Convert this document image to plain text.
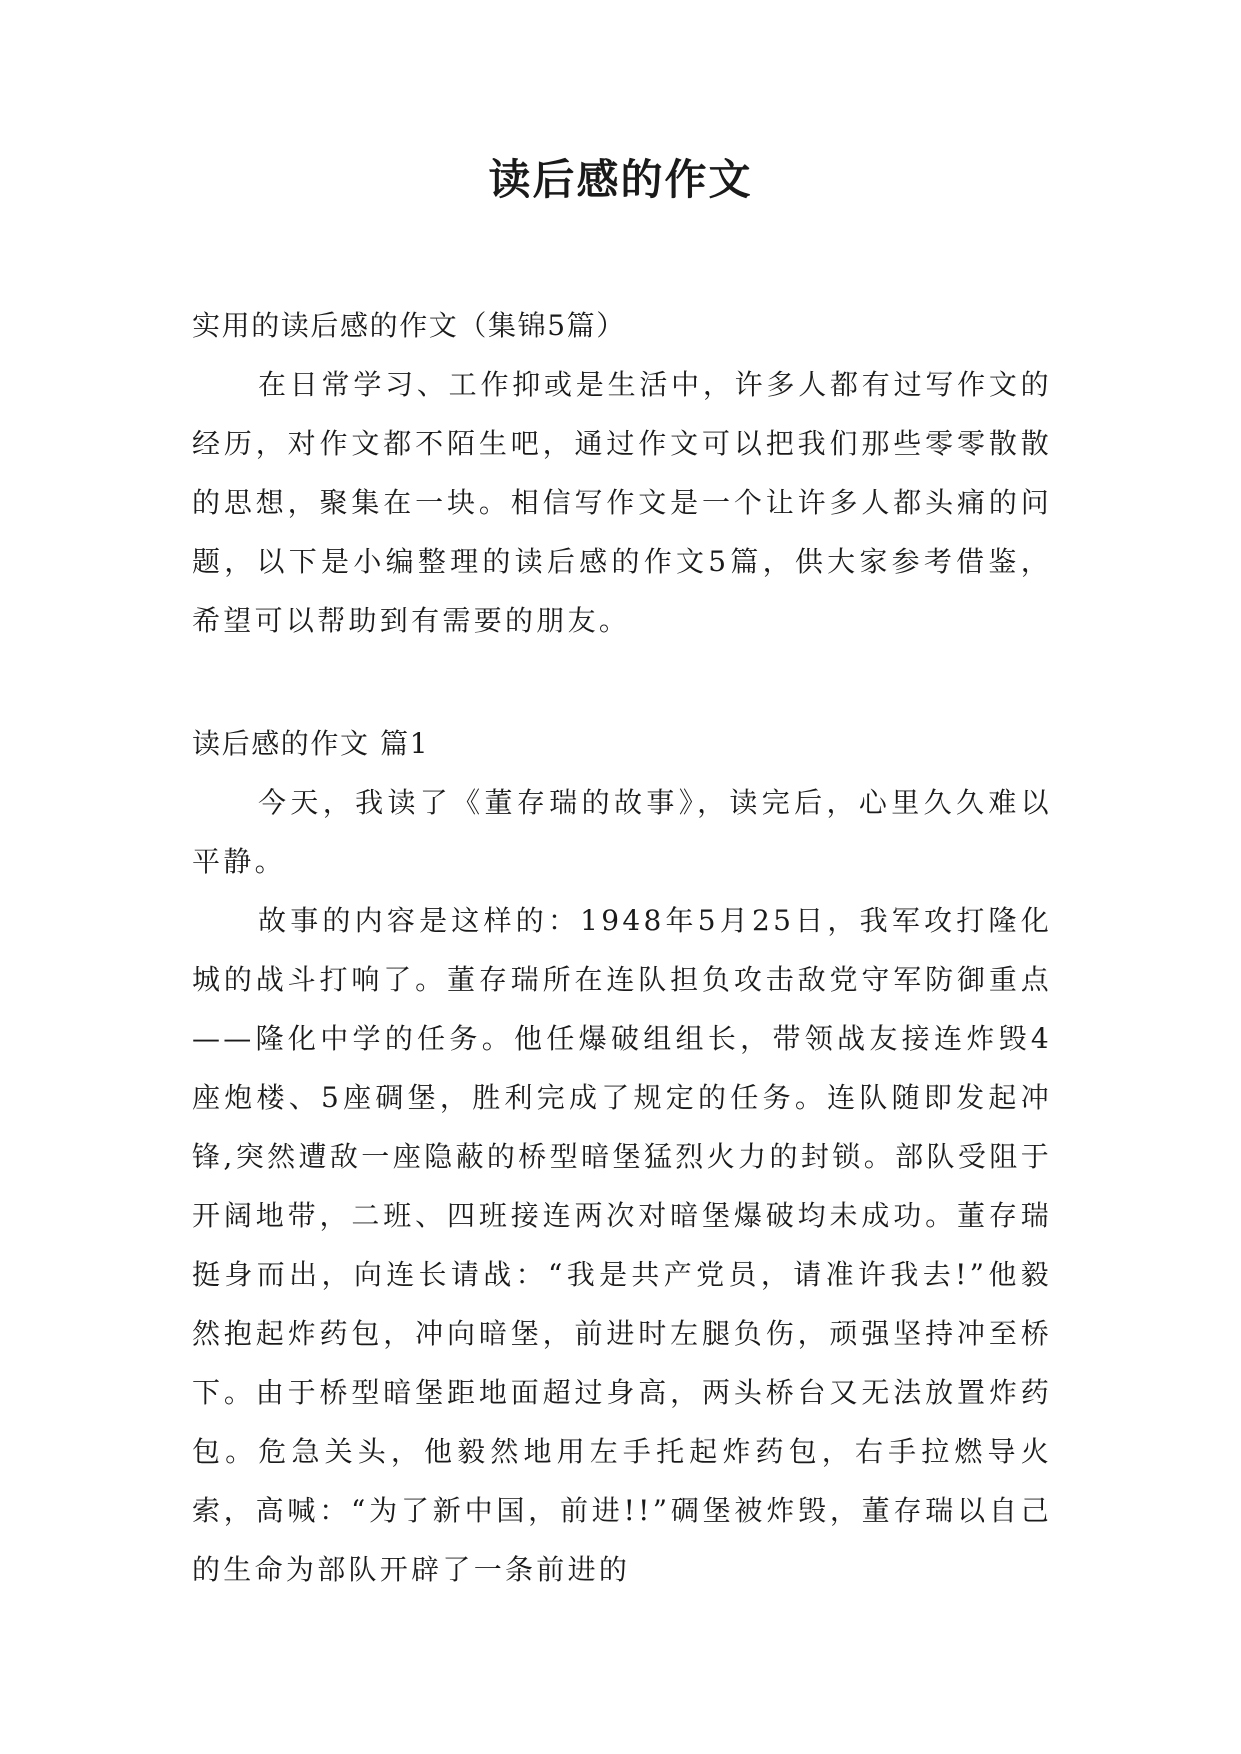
读后感的作文

实用的读后感的作文（集锦5篇）

在日常学习、工作抑或是生活中，许多人都有过写作文的经历，对作文都不陌生吧，通过作文可以把我们那些零零散散的思想，聚集在一块。相信写作文是一个让许多人都头痛的问题，以下是小编整理的读后感的作文5篇，供大家参考借鉴，希望可以帮助到有需要的朋友。

读后感的作文 篇1

今天，我读了《董存瑞的故事》，读完后，心里久久难以平静。

故事的内容是这样的：1948年5月25日，我军攻打隆化城的战斗打响了。董存瑞所在连队担负攻击敌党守军防御重点——隆化中学的任务。他任爆破组组长，带领战友接连炸毁4座炮楼、5座碉堡，胜利完成了规定的任务。连队随即发起冲锋,突然遭敌一座隐蔽的桥型暗堡猛烈火力的封锁。部队受阻于开阔地带，二班、四班接连两次对暗堡爆破均未成功。董存瑞挺身而出，向连长请战：“我是共产党员，请准许我去!”他毅然抱起炸药包，冲向暗堡，前进时左腿负伤，顽强坚持冲至桥下。由于桥型暗堡距地面超过身高，两头桥台又无法放置炸药包。危急关头，他毅然地用左手托起炸药包，右手拉燃导火索，高喊：“为了新中国，前进!!”碉堡被炸毁，董存瑞以自己的生命为部队开辟了一条前进的
